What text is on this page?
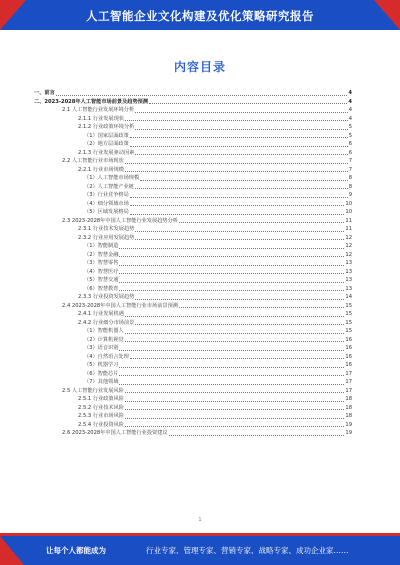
人工智能企业文化构建及优化策略研究报告
内容目录
一、前言	4
二、2023-2028年人工智能市场前景及趋势预测	4
2.1 人工智能行业发展环境分析	4
2.1.1 行业发展现状	4
2.1.2 行业政策环境分析	5
（1）国家层面政策	5
（2）地方层面政策	6
2.1.3 行业发展驱动因素	6
2.2 人工智能行业市场现状	7
2.2.1 行业市场规模	7
（1）人工智能市场规模	8
（2）人工智能产业链	8
（3）行业竞争格局	9
（4）细分领域市场	10
（5）区域发展格局	10
2.3 2023-2028年中国人工智能行业发展趋势分析	11
2.3.1 行业技术发展趋势	11
2.3.2 行业应用发展趋势	12
（1）智能制造	12
（2）智慧金融	12
（3）智慧零售	13
（4）智慧医疗	13
（5）智慧交通	13
（6）智慧教育	13
2.3.3 行业投资发展趋势	14
2.4 2023-2028年中国人工智能行业市场前景预测	15
2.4.1 行业发展机遇	15
2.4.2 行业细分市场前景	15
（1）智能机器人	15
（2）计算机视觉	16
（3）语音识别	16
（4）自然语言处理	16
（5）机器学习	16
（6）智能芯片	17
（7）其他领域	17
2.5 人工智能行业发展风险	17
2.5.1 行业政策风险	18
2.5.2 行业技术风险	18
2.5.3 行业市场风险	18
2.5.4 行业投资风险	19
2.6 2023-2028年中国人工智能行业投资建议	19
1
让每个人都能成为	行业专家、管理专家、营销专家、战略专家、成功企业家……
